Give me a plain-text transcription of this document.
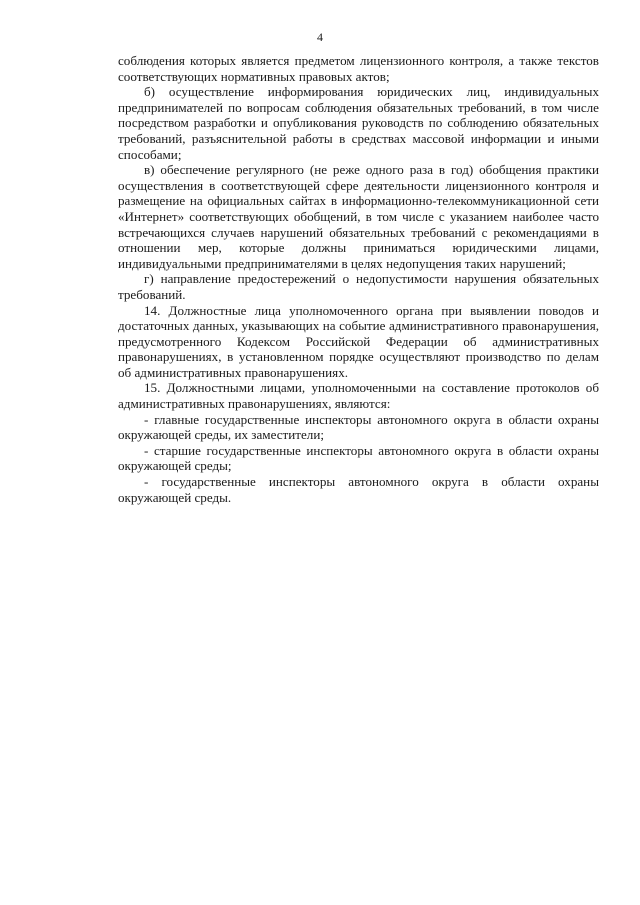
4

соблюдения которых является предметом лицензионного контроля, а также текстов соответствующих нормативных правовых актов;

б) осуществление информирования юридических лиц, индивидуальных предпринимателей по вопросам соблюдения обязательных требований, в том числе посредством разработки и опубликования руководств по соблюдению обязательных требований, разъяснительной работы в средствах массовой информации и иными способами;

в) обеспечение регулярного (не реже одного раза в год) обобщения практики осуществления в соответствующей сфере деятельности лицензионного контроля и размещение на официальных сайтах в информационно-телекоммуникационной сети «Интернет» соответствующих обобщений, в том числе с указанием наиболее часто встречающихся случаев нарушений обязательных требований с рекомендациями в отношении мер, которые должны приниматься юридическими лицами, индивидуальными предпринимателями в целях недопущения таких нарушений;

г) направление предостережений о недопустимости нарушения обязательных требований.

14. Должностные лица уполномоченного органа при выявлении поводов и достаточных данных, указывающих на событие административного правонарушения, предусмотренного Кодексом Российской Федерации об административных правонарушениях, в установленном порядке осуществляют производство по делам об административных правонарушениях.

15. Должностными лицами, уполномоченными на составление протоколов об административных правонарушениях, являются:

- главные государственные инспекторы автономного округа в области охраны окружающей среды, их заместители;

- старшие государственные инспекторы автономного округа в области охраны окружающей среды;

- государственные инспекторы автономного округа в области охраны окружающей среды.
